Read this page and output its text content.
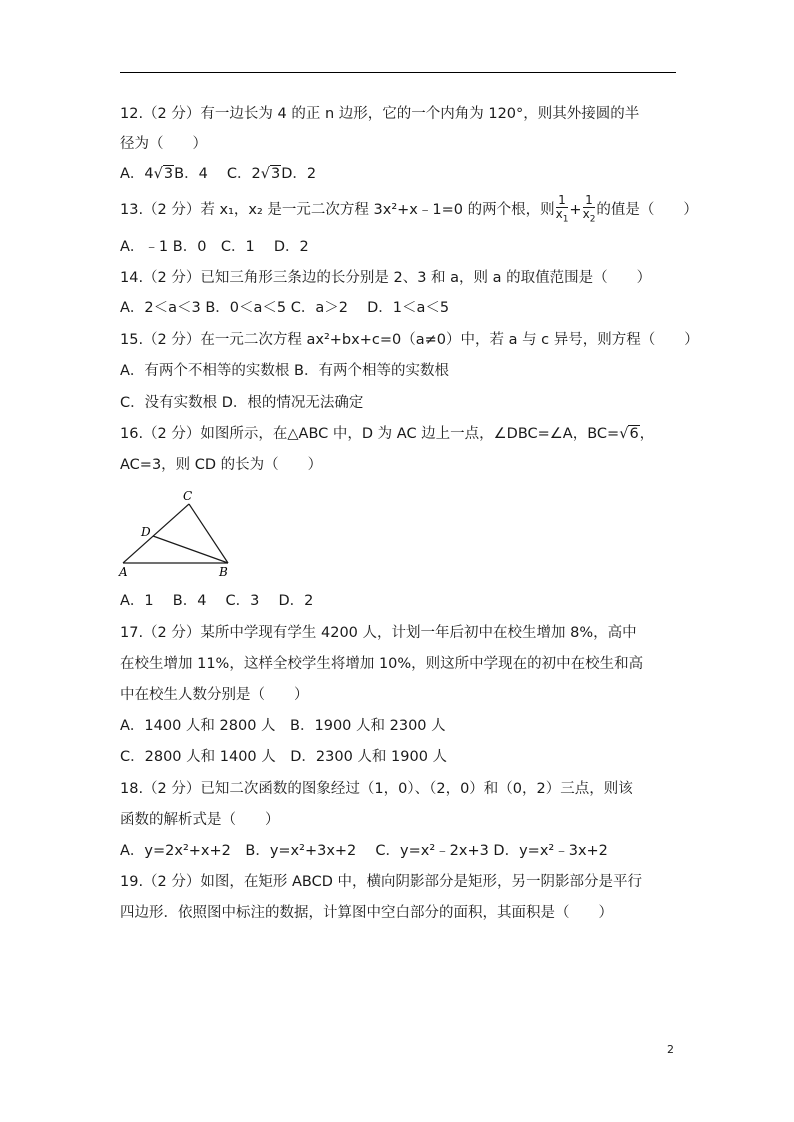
12.（2 分）有一边长为 4 的正 n 边形，它的一个内角为 120°，则其外接圆的半
径为（　　）
A．4√3B．4　 C．2√3D．2
13.（2 分）若 x₁，x₂ 是一元二次方程 3x²+x﹣1=0 的两个根，则 $\frac{1}{x_1} + \frac{1}{x_2}$ 的值是（　　）
A．﹣1 B．0　C．1　 D．2
14.（2 分）已知三角形三条边的长分别是 2、3 和 a，则 a 的取值范围是（　　）
A．2＜a＜3 B．0＜a＜5 C．a＞2　 D．1＜a＜5
15.（2 分）在一元二次方程 ax²+bx+c=0（a≠0）中，若 a 与 c 异号，则方程（　　）
A．有两个不相等的实数根 B．有两个相等的实数根
C．没有实数根 D．根的情况无法确定
16.（2 分）如图所示，在△ABC 中，D 为 AC 边上一点，∠DBC=∠A，BC=√6，
AC=3，则 CD 的长为（　　）
C
D
A	B
A．1　 B．4　 C．3　 D．2
17.（2 分）某所中学现有学生 4200 人，计划一年后初中在校生增加 8%，高中
在校生增加 11%，这样全校学生将增加 10%，则这所中学现在的初中在校生和高
中在校生人数分别是（　　）
A．1400 人和 2800 人　B．1900 人和 2300 人
C．2800 人和 1400 人　D．2300 人和 1900 人
18.（2 分）已知二次函数的图象经过（1，0）、（2，0）和（0，2）三点，则该
函数的解析式是（　　）
A．y=2x²+x+2　B．y=x²+3x+2　 C．y=x²﹣2x+3 D．y=x²﹣3x+2
19.（2 分）如图，在矩形 ABCD 中，横向阴影部分是矩形，另一阴影部分是平行
四边形．依照图中标注的数据，计算图中空白部分的面积，其面积是（　　）
2
